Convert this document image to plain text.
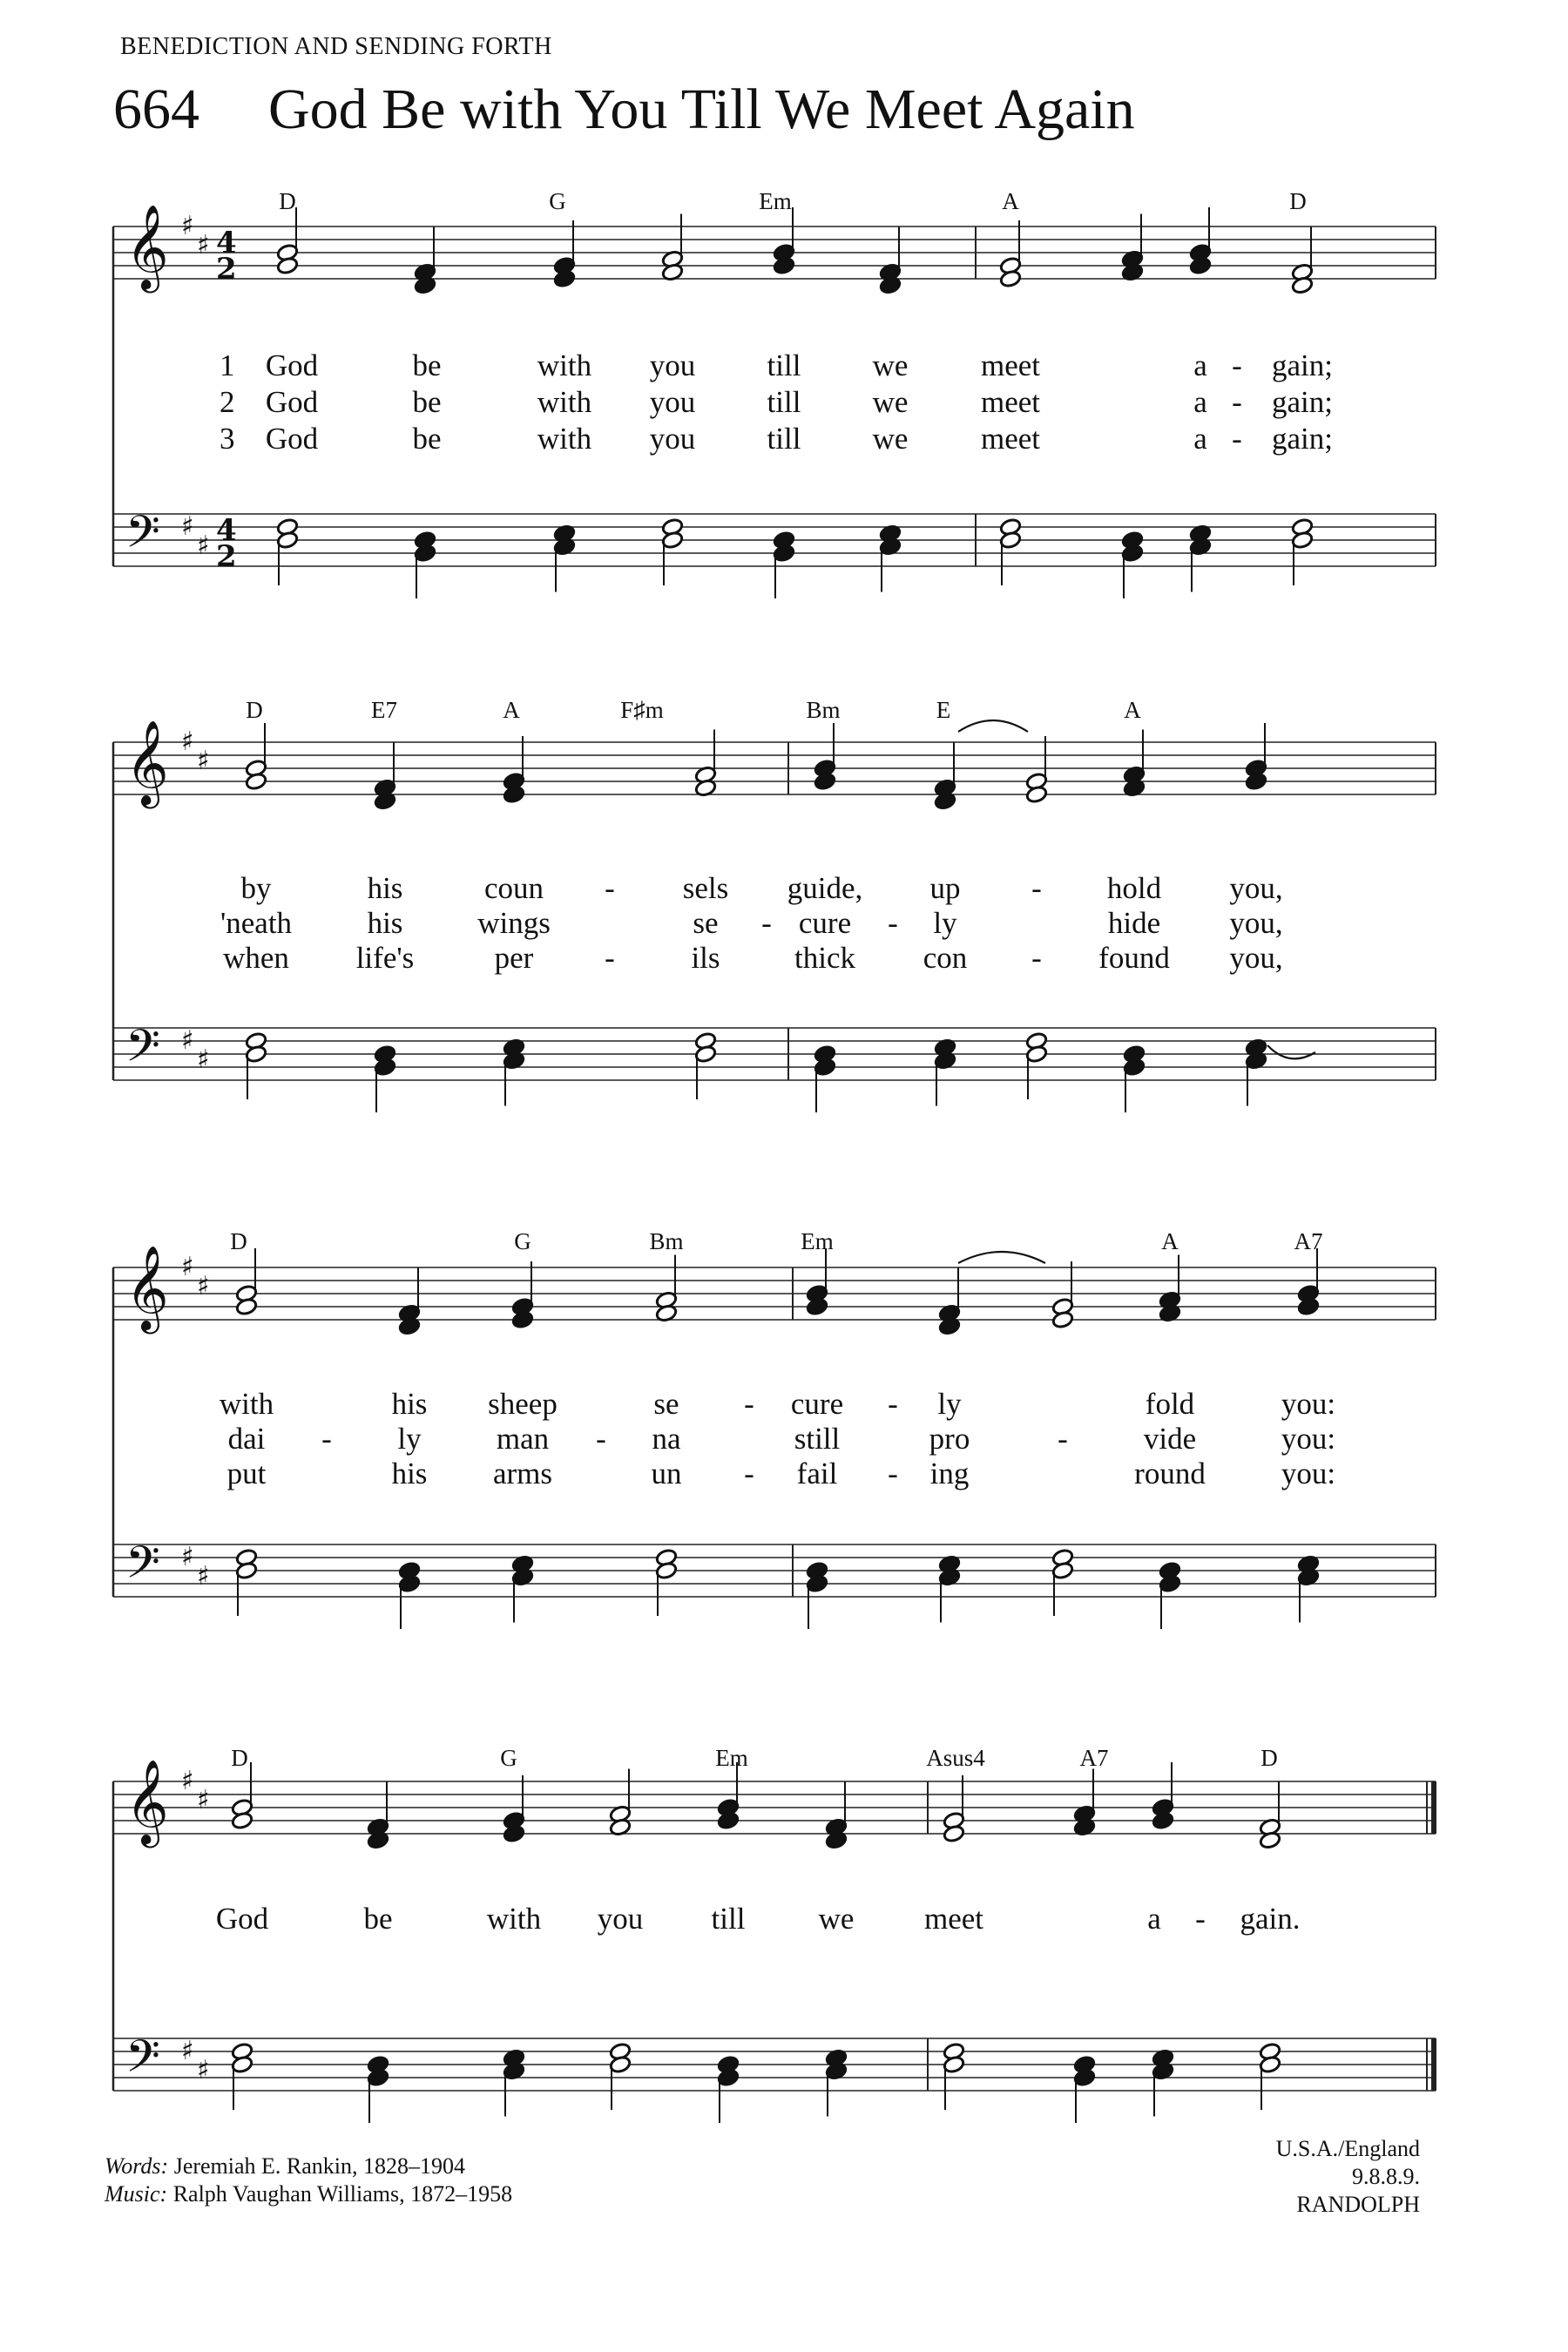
BENEDICTION AND SENDING FORTH
664 God Be with You Till We Meet Again
𝄞
𝄢
♯
♯
♯
♯
4
2
4
2
𝄞
𝄢
♯
♯
♯
♯
𝄞
𝄢
♯
♯
♯
♯
𝄞
𝄢
♯
♯
♯
♯
D	G	Em	A	D
1
2
3
God	be	with you till we meet	a - gain;
God	be	with you till we meet	a - gain;
God	be	with you till we meet	a - gain;
D	E7	A	F♯m	Bm	E	A
by	his	coun - sels guide, up - hold you,
'neath his wings	se - cure - ly	hide you,
when life's	per -	ils thick con - found you,
D	G	Bm	Em	A	A7
with	his sheep	se - cure - ly	fold	you:
dai - ly man - na	still	pro	- vide	you:
put	his arms	un - fail - ing	round you:
D	G	Em	Asus4	A7	D
God	be	with you till we meet	a - gain.
Words: Jeremiah E. Rankin, 1828–1904
Music: Ralph Vaughan Williams, 1872–1958
U.S.A./England
9.8.8.9.
RANDOLPH
